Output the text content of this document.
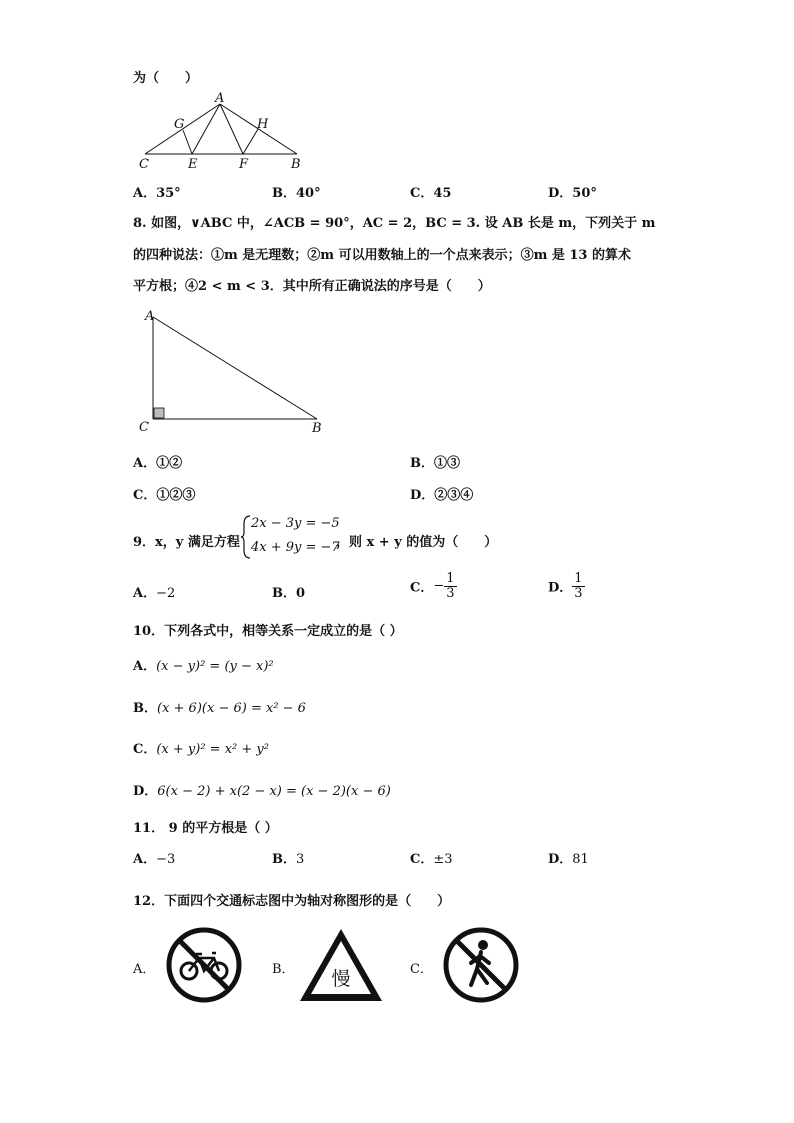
为（　　）
A
G	H
C	E	F	B
A．35°	B．40°	C．45	D．50°
8. 如图，∨ABC 中，∠ACB = 90°，AC = 2，BC = 3. 设 AB 长是 m，下列关于 m
的四种说法：①m 是无理数；②m 可以用数轴上的一个点来表示；③m 是 13 的算术
平方根；④2 < m < 3．其中所有正确说法的序号是（　　）
A
C	B
A．①②	B．①③
C．①②③	D．②③④
9．x，y 满足方程
2x − 3y = −5
4x + 9y = −7
，则 x + y 的值为（　　）
A．−2	B．0	C．− $\frac{1}{3}$	D． $\frac{1}{3}$
10．下列各式中，相等关系一定成立的是（ ）
A．(x − y)² = (y − x)²
B．(x + 6)(x − 6) = x² − 6
C．(x + y)² = x² + y²
D．6(x − 2) + x(2 − x) = (x − 2)(x − 6)
11． 9 的平方根是（ ）
A．−3	B．3	C．±3	D．81
12．下面四个交通标志图中为轴对称图形的是（　　）
A．	B． 慢	C．
